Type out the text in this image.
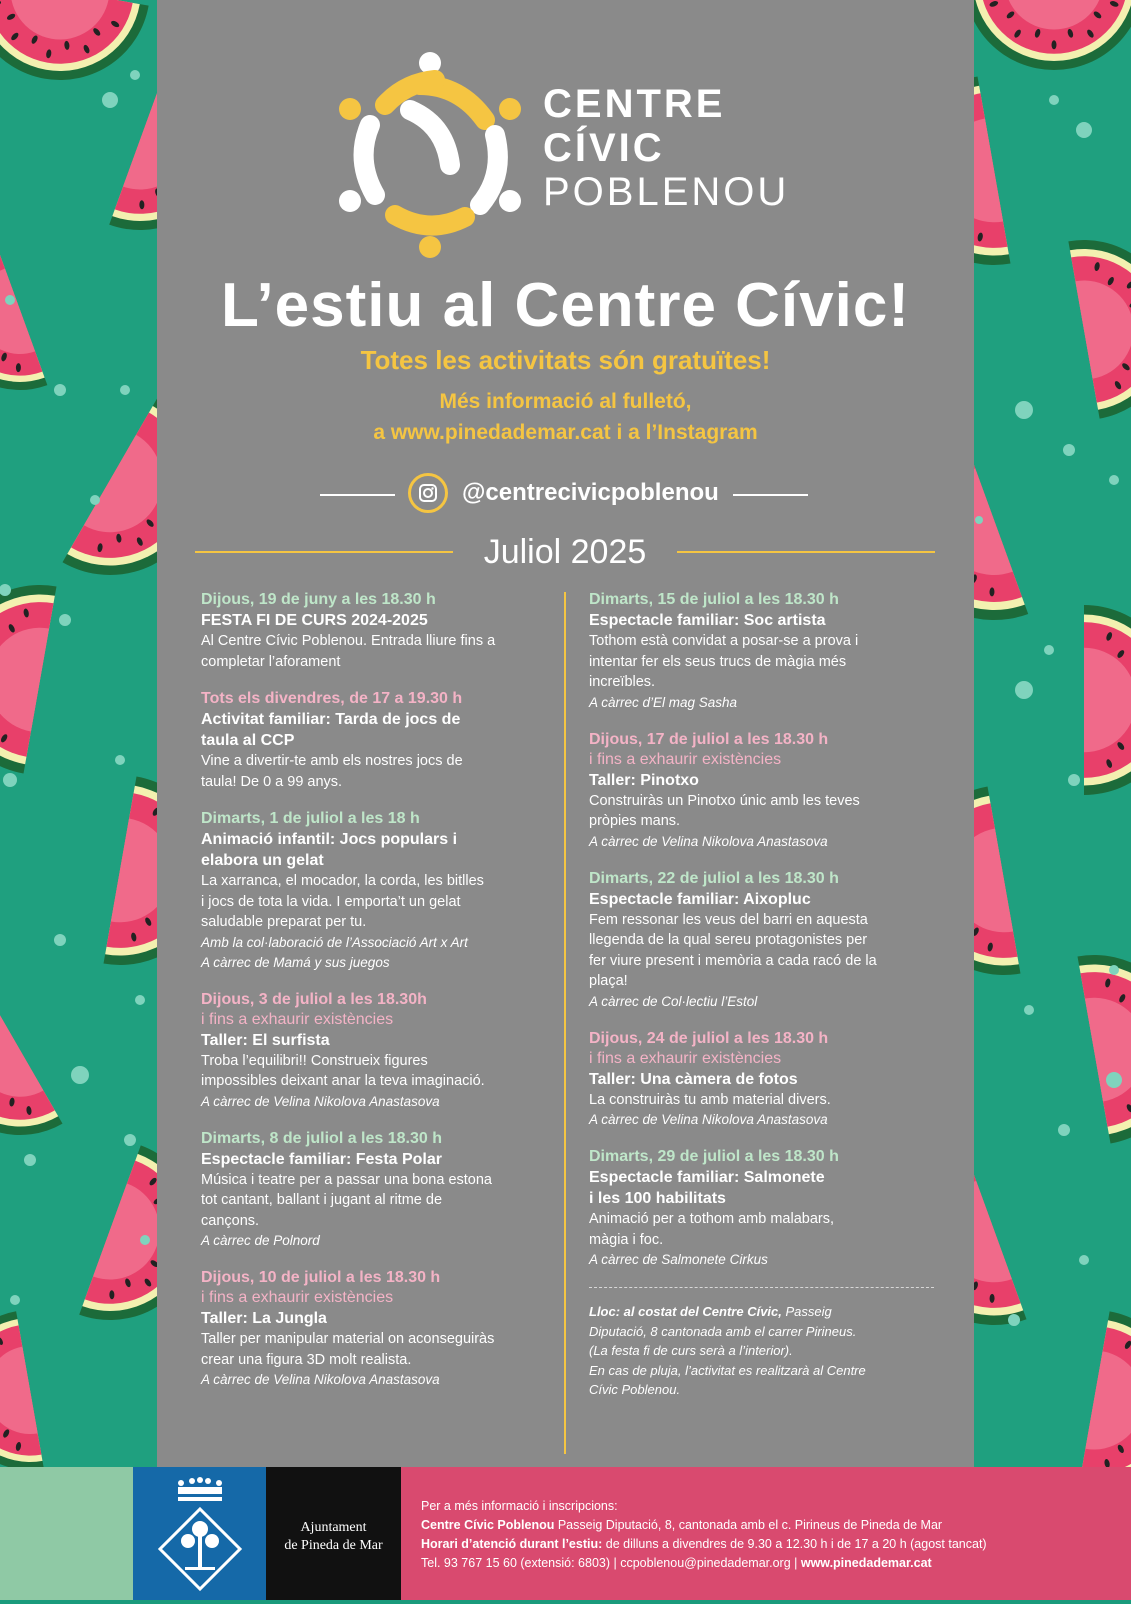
CENTRE
CÍVIC
POBLENOU
L’estiu al Centre Cívic!
Totes les activitats són gratuïtes!
Més informació al fulletó,
a www.pinedademar.cat i a l’Instagram
@centrecivicpoblenou
Juliol 2025
Dijous, 19 de juny a les 18.30 h
FESTA FI DE CURS 2024-2025
Al Centre Cívic Poblenou. Entrada lliure fins a
completar l’aforament
Tots els divendres, de 17 a 19.30 h
Activitat familiar: Tarda de jocs de
taula al CCP
Vine a divertir-te amb els nostres jocs de
taula! De 0 a 99 anys.
Dimarts, 1 de juliol a les 18 h
Animació infantil: Jocs populars i
elabora un gelat
La xarranca, el mocador, la corda, les bitlles
i jocs de tota la vida. I emporta’t un gelat
saludable preparat per tu.
Amb la col·laboració de l’Associació Art x Art
A càrrec de Mamá y sus juegos
Dijous, 3 de juliol a les 18.30h
i fins a exhaurir existències
Taller: El surfista
Troba l’equilibri!! Construeix figures
impossibles deixant anar la teva imaginació.
A càrrec de Velina Nikolova Anastasova
Dimarts, 8 de juliol a les 18.30 h
Espectacle familiar: Festa Polar
Música i teatre per a passar una bona estona
tot cantant, ballant i jugant al ritme de
cançons.
A càrrec de Polnord
Dijous, 10 de juliol a les 18.30 h
i fins a exhaurir existències
Taller: La Jungla
Taller per manipular material on aconseguiràs
crear una figura 3D molt realista.
A càrrec de Velina Nikolova Anastasova
Dimarts, 15 de juliol a les 18.30 h
Espectacle familiar: Soc artista
Tothom està convidat a posar-se a prova i
intentar fer els seus trucs de màgia més
increïbles.
A càrrec d’El mag Sasha
Dijous, 17 de juliol a les 18.30 h
i fins a exhaurir existències
Taller: Pinotxo
Construiràs un Pinotxo únic amb les teves
pròpies mans.
A càrrec de Velina Nikolova Anastasova
Dimarts, 22 de juliol a les 18.30 h
Espectacle familiar: Aixopluc
Fem ressonar les veus del barri en aquesta
llegenda de la qual sereu protagonistes per
fer viure present i memòria a cada racó de la
plaça!
A càrrec de Col·lectiu l’Estol
Dijous, 24 de juliol a les 18.30 h
i fins a exhaurir existències
Taller: Una càmera de fotos
La construiràs tu amb material divers.
A càrrec de Velina Nikolova Anastasova
Dimarts, 29 de juliol a les 18.30 h
Espectacle familiar: Salmonete
i les 100 habilitats
Animació per a tothom amb malabars,
màgia i foc.
A càrrec de Salmonete Cirkus
Lloc: al costat del Centre Cívic, Passeig
Diputació, 8 cantonada amb el carrer Pirineus.
(La festa fi de curs serà a l’interior).
En cas de pluja, l’activitat es realitzarà al Centre
Cívic Poblenou.
Ajuntament
de Pineda de Mar
Per a més informació i inscripcions:
Centre Cívic Poblenou Passeig Diputació, 8, cantonada amb el c. Pirineus de Pineda de Mar
Horari d’atenció durant l’estiu: de dilluns a divendres de 9.30 a 12.30 h i de 17 a 20 h (agost tancat)
Tel. 93 767 15 60 (extensió: 6803) | ccpoblenou@pinedademar.org | www.pinedademar.cat
